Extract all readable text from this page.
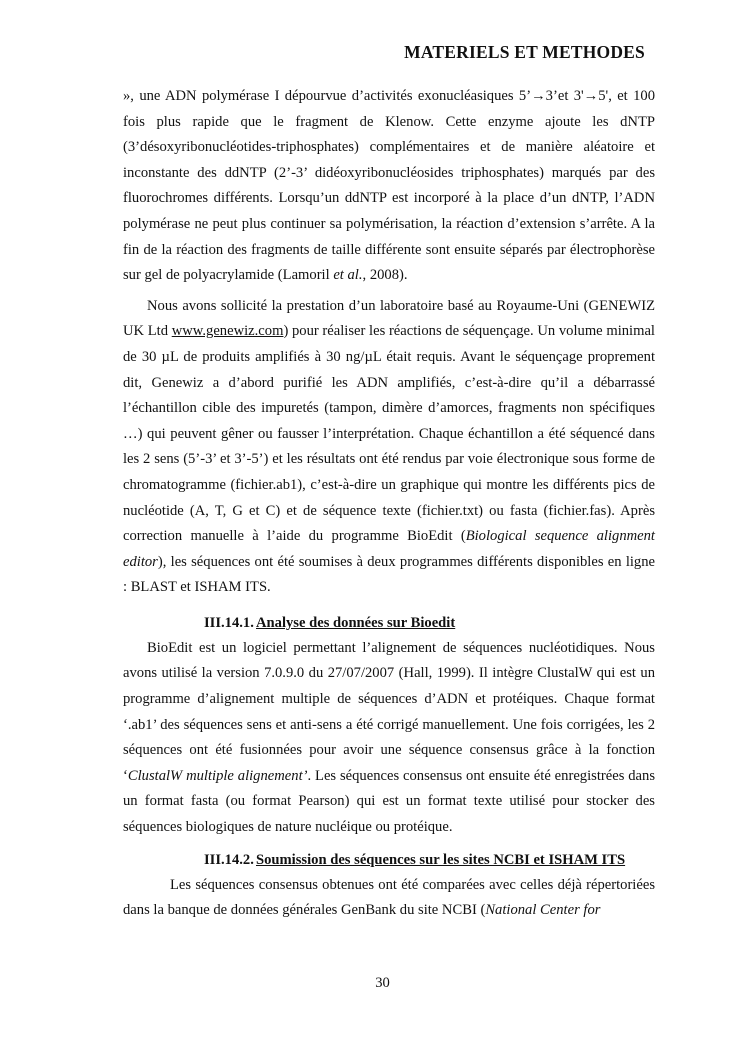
MATERIELS ET METHODES

», une ADN polymérase I dépourvue d’activités exonucléasiques 5’→3’et 3'→5', et 100 fois plus rapide que le fragment de Klenow. Cette enzyme ajoute les dNTP (3’désoxyribonucléotides-triphosphates) complémentaires et de manière aléatoire et inconstante des ddNTP (2’-3’ didéoxyribonucléosides triphosphates) marqués par des fluorochromes différents. Lorsqu’un ddNTP est incorporé à la place d’un dNTP, l’ADN polymérase ne peut plus continuer sa polymérisation, la réaction d’extension s’arrête. A la fin de la réaction des fragments de taille différente sont ensuite séparés par électrophorèse sur gel de polyacrylamide (Lamoril et al., 2008).

Nous avons sollicité la prestation d’un laboratoire basé au Royaume-Uni (GENEWIZ UK Ltd www.genewiz.com) pour réaliser les réactions de séquençage. Un volume minimal de 30 µL de produits amplifiés à 30 ng/µL était requis. Avant le séquençage proprement dit, Genewiz a d’abord purifié les ADN amplifiés, c’est-à-dire qu’il a débarrassé l’échantillon cible des impuretés (tampon, dimère d’amorces, fragments non spécifiques …) qui peuvent gêner ou fausser l’interprétation. Chaque échantillon a été séquencé dans les 2 sens (5’-3’ et 3’-5’) et les résultats ont été rendus par voie électronique sous forme de chromatogramme (fichier.ab1), c’est-à-dire un graphique qui montre les différents pics de nucléotide (A, T, G et C) et de séquence texte (fichier.txt) ou fasta (fichier.fas). Après correction manuelle à l’aide du programme BioEdit (Biological sequence alignment editor), les séquences ont été soumises à deux programmes différents disponibles en ligne : BLAST et ISHAM ITS.

III.14.1. Analyse des données sur Bioedit

BioEdit est un logiciel permettant l’alignement de séquences nucléotidiques. Nous avons utilisé la version 7.0.9.0 du 27/07/2007 (Hall, 1999). Il intègre ClustalW qui est un programme d’alignement multiple de séquences d’ADN et protéiques. Chaque format ‘.ab1’ des séquences sens et anti-sens a été corrigé manuellement. Une fois corrigées, les 2 séquences ont été fusionnées pour avoir une séquence consensus grâce à la fonction ‘ClustalW multiple alignement’. Les séquences consensus ont ensuite été enregistrées dans un format fasta (ou format Pearson) qui est un format texte utilisé pour stocker des séquences biologiques de nature nucléique ou protéique.

III.14.2. Soumission des séquences sur les sites NCBI et ISHAM ITS

Les séquences consensus obtenues ont été comparées avec celles déjà répertoriées dans la banque de données générales GenBank du site NCBI (National Center for

30
